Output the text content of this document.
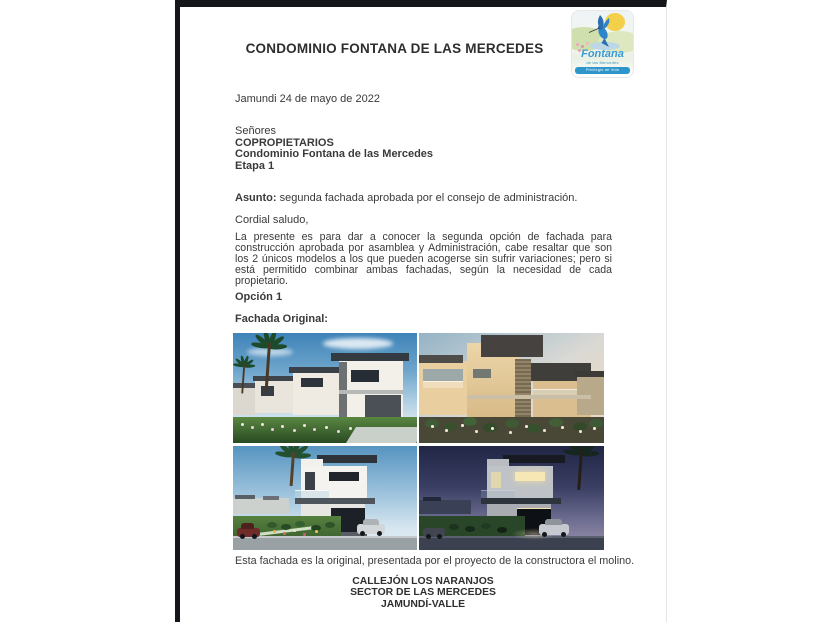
CONDOMINIO FONTANA DE LAS MERCEDES	Fontana
de las Mercedes
Privilegio de Vida
Jamundi 24 de mayo de 2022
Señores
COPROPIETARIOS
Condominio Fontana de las Mercedes
Etapa 1
Asunto: segunda fachada aprobada por el consejo de administración.
Cordial saludo,

La presente es para dar a conocer la segunda opción de fachada para construcción aprobada por asamblea y Administración, cabe resaltar que son los 2 únicos modelos a los que pueden acogerse sin sufrir variaciones; pero si está permitido combinar ambas fachadas, según la necesidad de cada propietario.

Opción 1
Fachada Original:
Esta fachada es la original, presentada por el proyecto de la constructora el molino.
CALLEJÓN LOS NARANJOS
SECTOR DE LAS MERCEDES
JAMUNDÍ-VALLE
